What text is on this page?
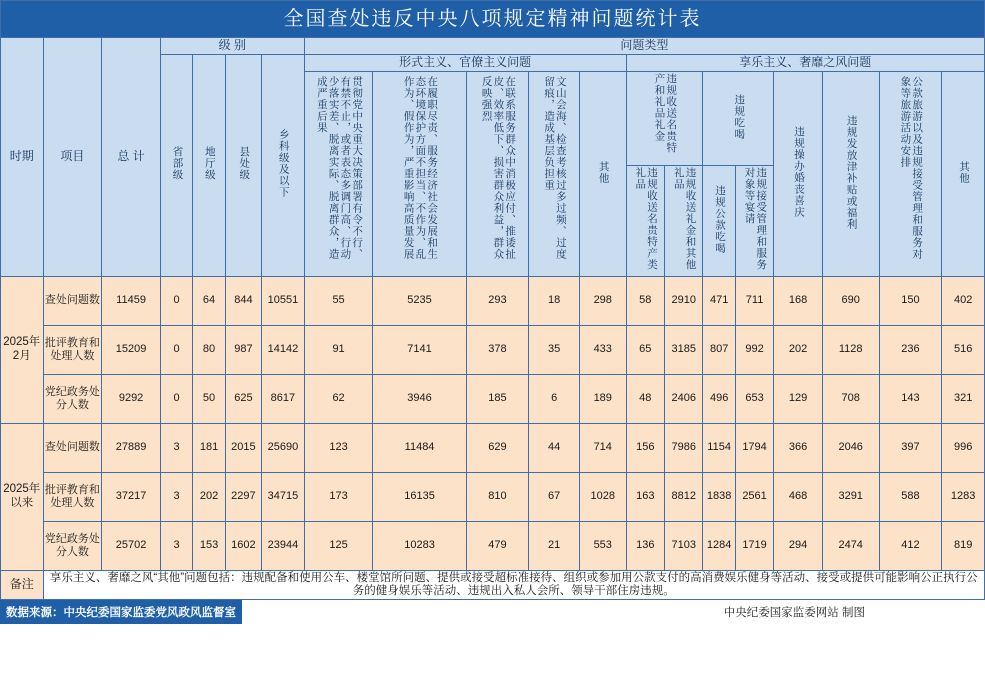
全国查处违反中央八项规定精神问题统计表																			
时期	项目	总 计	级 别				问题类型												
			省部级	地厅级	县处级	乡科级及以下	形式主义、官僚主义问题					享乐主义、奢靡之风问题							
							贯彻党中央重大决策部署有令不行、有禁不止，或者表态多调门高、行动少落实差、脱离实际、脱离群众，造成严重后果	在履职尽责、服务经济社会发展和生态环境保护方面不担当、不作为、乱作为、假作为，严重影响高质量发展	在联系服务群众中消极应付、推诿扯皮、效率低下、损害群众利益，群众反映强烈	文山会海、检查考核过多过频、过度留痕，造成基层负担重	其他	违规收送名贵特产和礼品礼金		违规吃喝		违规操办婚丧喜庆	违规发放津补贴或福利	公款旅游以及违规接受管理和服务对象等旅游活动安排	其他
												违规收送名贵特产类礼品	违规收送礼金和其他礼品	违规公款吃喝	违规接受管理和服务对象等宴请				
2025年2月	查处问题数	11459	0	64	844	10551	55	5235	293	18	298	58	2910	471	711	168	690	150	402
	批评教育和处理人数	15209	0	80	987	14142	91	7141	378	35	433	65	3185	807	992	202	1128	236	516
	党纪政务处分人数	9292	0	50	625	8617	62	3946	185	6	189	48	2406	496	653	129	708	143	321
2025年以来	查处问题数	27889	3	181	2015	25690	123	11484	629	44	714	156	7986	1154	1794	366	2046	397	996
	批评教育和处理人数	37217	3	202	2297	34715	173	16135	810	67	1028	163	8812	1838	2561	468	3291	588	1283
	党纪政务处分人数	25702	3	153	1602	23944	125	10283	479	21	553	136	7103	1284	1719	294	2474	412	819
备注	享乐主义、奢靡之风“其他”问题包括：违规配备和使用公车、楼堂馆所问题、提供或接受超标准接待、组织或参加用公款支付的高消费娱乐健身等活动、接受或提供可能影响公正执行公务的健身娱乐等活动、违规出入私人会所、领导干部住房违规。																		
数据来源： 中央纪委国家监委党风政风监督室	中央纪委国家监委网站 制图
